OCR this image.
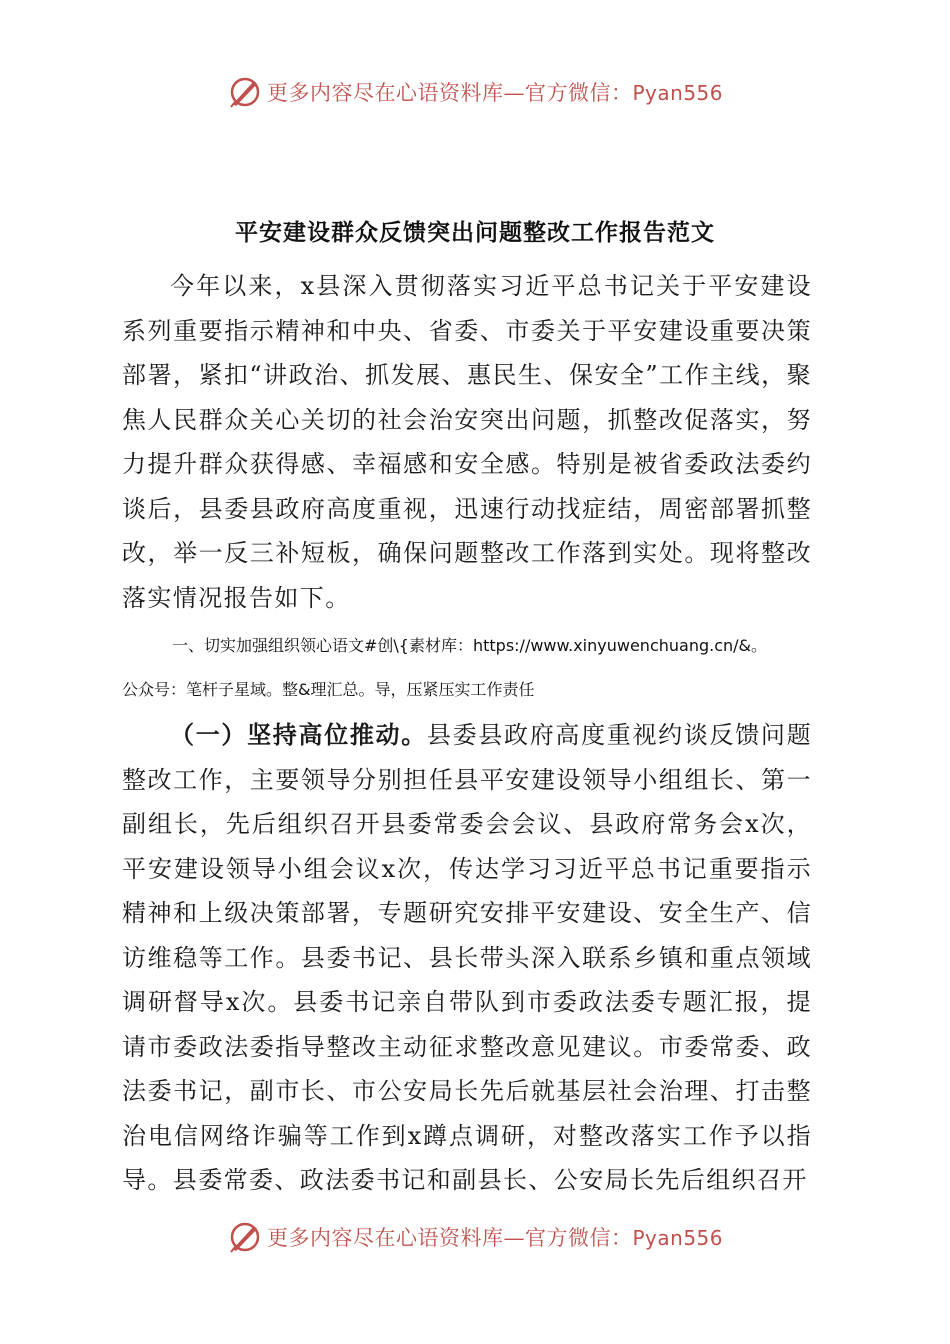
更多内容尽在心语资料库—官方微信：Pyan556
平安建设群众反馈突出问题整改工作报告范文

今年以来，x县深入贯彻落实习近平总书记关于平安建设系列重要指示精神和中央、省委、市委关于平安建设重要决策部署，紧扣“讲政治、抓发展、惠民生、保安全”工作主线，聚焦人民群众关心关切的社会治安突出问题，抓整改促落实，努力提升群众获得感、幸福感和安全感。特别是被省委政法委约谈后，县委县政府高度重视，迅速行动找症结，周密部署抓整改，举一反三补短板，确保问题整改工作落到实处。现将整改落实情况报告如下。

一、切实加强组织领心语文#创\{素材库：https://www.xinyuwenchuang.cn/&。
公众号：笔杆子星域。整&理汇总。导，压紧压实工作责任

（一）坚持高位推动。县委县政府高度重视约谈反馈问题整改工作，主要领导分别担任县平安建设领导小组组长、第一副组长，先后组织召开县委常委会会议、县政府常务会x次，平安建设领导小组会议x次，传达学习习近平总书记重要指示精神和上级决策部署，专题研究安排平安建设、安全生产、信访维稳等工作。县委书记、县长带头深入联系乡镇和重点领域调研督导x次。县委书记亲自带队到市委政法委专题汇报，提请市委政法委指导整改主动征求整改意见建议。市委常委、政法委书记，副市长、市公安局长先后就基层社会治理、打击整治电信网络诈骗等工作到x蹲点调研，对整改落实工作予以指导。县委常委、政法委书记和副县长、公安局长先后组织召开

更多内容尽在心语资料库—官方微信：Pyan556
